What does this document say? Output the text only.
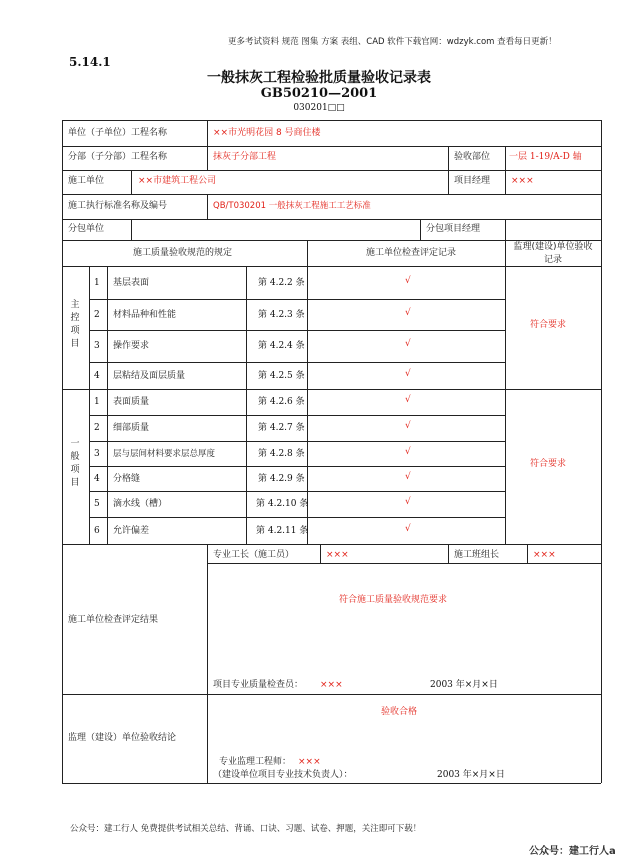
更多考试资料 规范 图集 方案 表组、CAD 软件下载官网：wdzyk.com 查看每日更新！
5.14.1
一般抹灰工程检验批质量验收记录表
GB50210—2001
030201□□
单位（子单位）工程名称	××市光明花园 8 号商住楼
分部（子分部）工程名称	抹灰子分部工程	验收部位 一层 1-19/A-D 轴
施工单位	××市建筑工程公司	项目经理 ×××
施工执行标准名称及编号	QB/T030201 一般抹灰工程施工工艺标准
分包单位	分包项目经理
施工质量验收规范的规定	施工单位检查评定记录
监理(建设)单位验收记录
主控项目
1 基层表面	第 4.2.2 条	√
2 材料品种和性能	第 4.2.3 条	√
3 操作要求	第 4.2.4 条	√
4 层粘结及面层质量	第 4.2.5 条	√
符合要求
一般项目
1 表面质量	第 4.2.6 条	√
2 细部质量	第 4.2.7 条	√
3 层与层间材料要求层总厚度	第 4.2.8 条	√
4 分格缝	第 4.2.9 条	√
5 滴水线（槽）	第 4.2.10 条	√
6 允许偏差	第 4.2.11 条	√
符合要求
施工单位检查评定结果
专业工长（施工员）	×××	施工班组长	×××
符合施工质量验收规范要求
项目专业质量检查员： ×××	2003 年×月×日
监理（建设）单位验收结论
验收合格
专业监理工程师： ×××
（建设单位项目专业技术负责人）：	2003 年×月×日
公众号：建工行人 免费提供考试相关总结、背诵、口诀、习题、试卷、押题，关注即可下载！
公众号：建工行人a
